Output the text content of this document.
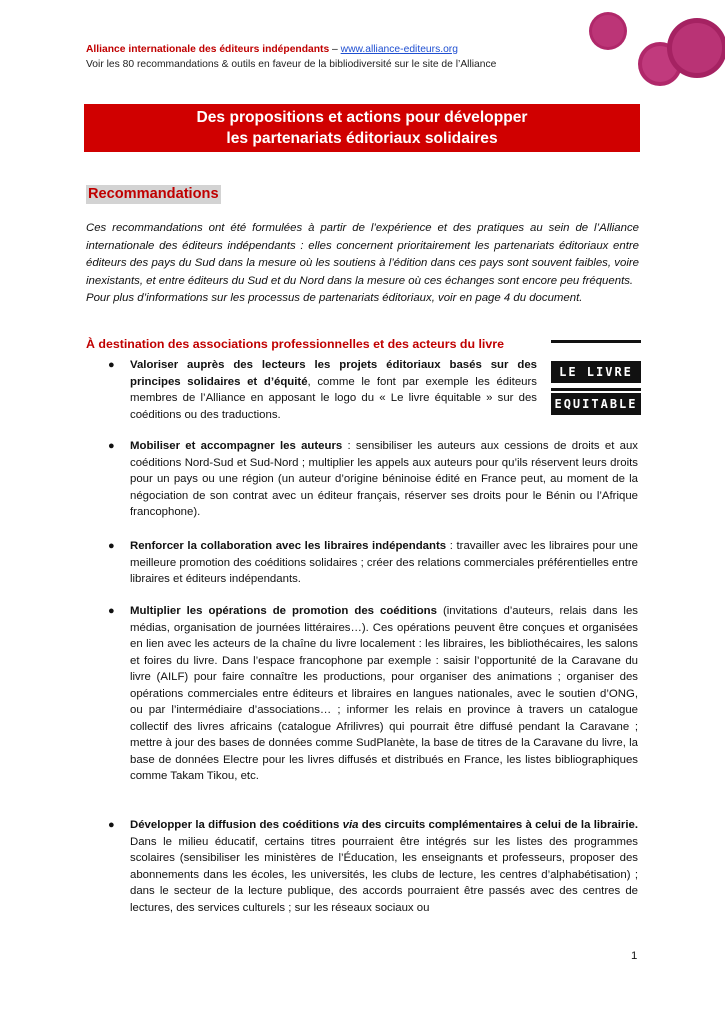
Alliance internationale des éditeurs indépendants – www.alliance-editeurs.org
Voir les 80 recommandations & outils en faveur de la bibliodiversité sur le site de l’Alliance
Des propositions et actions pour développer
les partenariats éditoriaux solidaires
Recommandations

Ces recommandations ont été formulées à partir de l’expérience et des pratiques au sein de l’Alliance internationale des éditeurs indépendants : elles concernent prioritairement les partenariats éditoriaux entre éditeurs des pays du Sud dans la mesure où les soutiens à l’édition dans ces pays sont souvent faibles, voire inexistants, et entre éditeurs du Sud et du Nord dans la mesure où ces échanges sont encore peu fréquents.

Pour plus d’informations sur les processus de partenariats éditoriaux, voir en page 4 du document.

À destination des associations professionnelles et des acteurs du livre
LE LIVRE
EQUITABLE
● Valoriser auprès des lecteurs les projets éditoriaux basés sur des principes solidaires et d’équité, comme le font par exemple les éditeurs membres de l’Alliance en apposant le logo du « Le livre équitable » sur des coéditions ou des traductions.
● Mobiliser et accompagner les auteurs : sensibiliser les auteurs aux cessions de droits et aux coéditions Nord-Sud et Sud-Nord ; multiplier les appels aux auteurs pour qu’ils réservent leurs droits pour un pays ou une région (un auteur d’origine béninoise édité en France peut, au moment de la négociation de son contrat avec un éditeur français, réserver ses droits pour le Bénin ou l’Afrique francophone).
● Renforcer la collaboration avec les libraires indépendants : travailler avec les libraires pour une meilleure promotion des coéditions solidaires ; créer des relations commerciales préférentielles entre libraires et éditeurs indépendants.
● Multiplier les opérations de promotion des coéditions (invitations d’auteurs, relais dans les médias, organisation de journées littéraires…). Ces opérations peuvent être conçues et organisées en lien avec les acteurs de la chaîne du livre localement : les libraires, les bibliothécaires, les salons et foires du livre. Dans l’espace francophone par exemple : saisir l’opportunité de la Caravane du livre (AILF) pour faire connaître les productions, pour organiser des animations ; organiser des opérations commerciales entre éditeurs et libraires en langues nationales, avec le soutien d’ONG, ou par l’intermédiaire d’associations… ; informer les relais en province à travers un catalogue collectif des livres africains (catalogue Afrilivres) qui pourrait être diffusé pendant la Caravane ; mettre à jour des bases de données comme SudPlanète, la base de titres de la Caravane du livre, la base de données Electre pour les livres diffusés et distribués en France, les listes bibliographiques comme Takam Tikou, etc.
● Développer la diffusion des coéditions via des circuits complémentaires à celui de la librairie. Dans le milieu éducatif, certains titres pourraient être intégrés sur les listes des programmes scolaires (sensibiliser les ministères de l’Éducation, les enseignants et professeurs, proposer des abonnements dans les écoles, les universités, les clubs de lecture, les centres d’alphabétisation) ; dans le secteur de la lecture publique, des accords pourraient être passés avec des centres de lectures, des services culturels ; sur les réseaux sociaux ou
1
